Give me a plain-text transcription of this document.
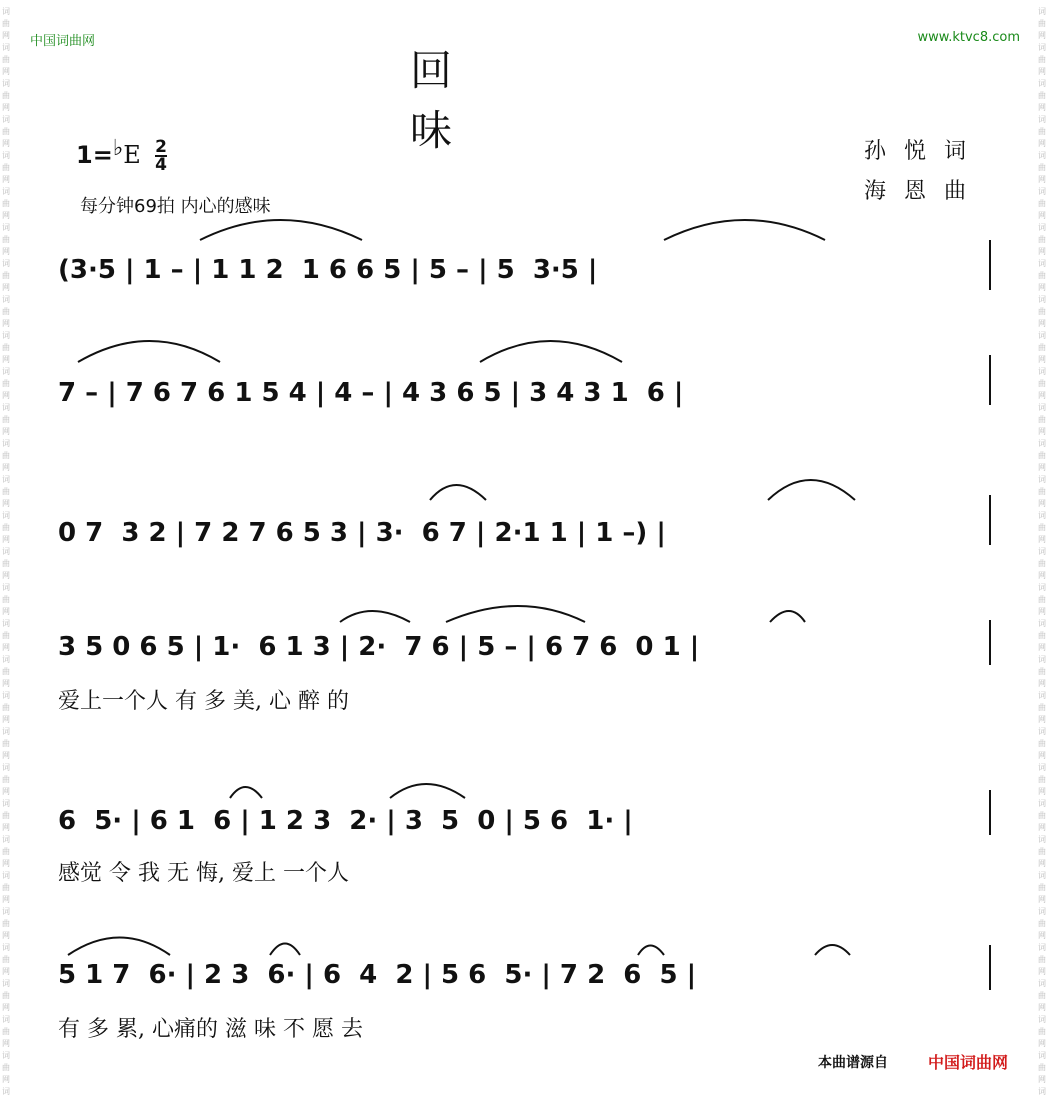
词
曲
网
词
曲
网
词
曲
网
词
曲
网
词
曲
网
词
曲
网
词
曲
网
词
曲
网
词
曲
网
词
曲
网
词
曲
网
词
曲
网
词
曲
网
词
曲
网
词
曲
网
词
曲
网
词
曲
网
词
曲
网
词
曲
网
词
曲
网
词
曲
网
词
曲
网
词
曲
网
词
曲
网
词
曲
网
词
曲
网
词
曲
网
词
曲
网
词
曲
网
词
曲
网
词
词
曲
网
词
曲
网
词
曲
网
词
曲
网
词
曲
网
词
曲
网
词
曲
网
词
曲
网
词
曲
网
词
曲
网
词
曲
网
词
曲
网
词
曲
网
词
曲
网
词
曲
网
词
曲
网
词
曲
网
词
曲
网
词
曲
网
词
曲
网
词
曲
网
词
曲
网
词
曲
网
词
曲
网
词
曲
网
词
曲
网
词
曲
网
词
曲
网
词
曲
网
词
曲
网
词
中国词曲网	www.ktvc8.com
回 味
1=♭E $\frac{2}{4}$
每分钟69拍 内心的感味
孙悦词
海恩曲
(3·5 | 1 – | 1 1 2  1 6 6 5 | 5 – | 5  3·5 |
7 – | 7 6 7 6 1 5 4 | 4 – | 4 3 6 5 | 3 4 3 1  6 |
0 7  3 2 | 7 2 7 6 5 3 | 3·  6 7 | 2·1 1 | 1 –) |
3 5 0 6 5 | 1·  6 1 3 | 2·  7 6 | 5 – | 6 7 6  0 1 |
爱上一个人 有 多 美, 心 醉 的
6  5· | 6 1  6 | 1 2 3  2· | 3  5  0 | 5 6  1· |
感觉 令 我 无 悔, 爱上 一个人
5 1 7  6· | 2 3  6· | 6  4  2 | 5 6  5· | 7 2  6  5 |
有 多 累, 心痛的 滋 味 不 愿 去
本曲谱源自	中国词曲网
